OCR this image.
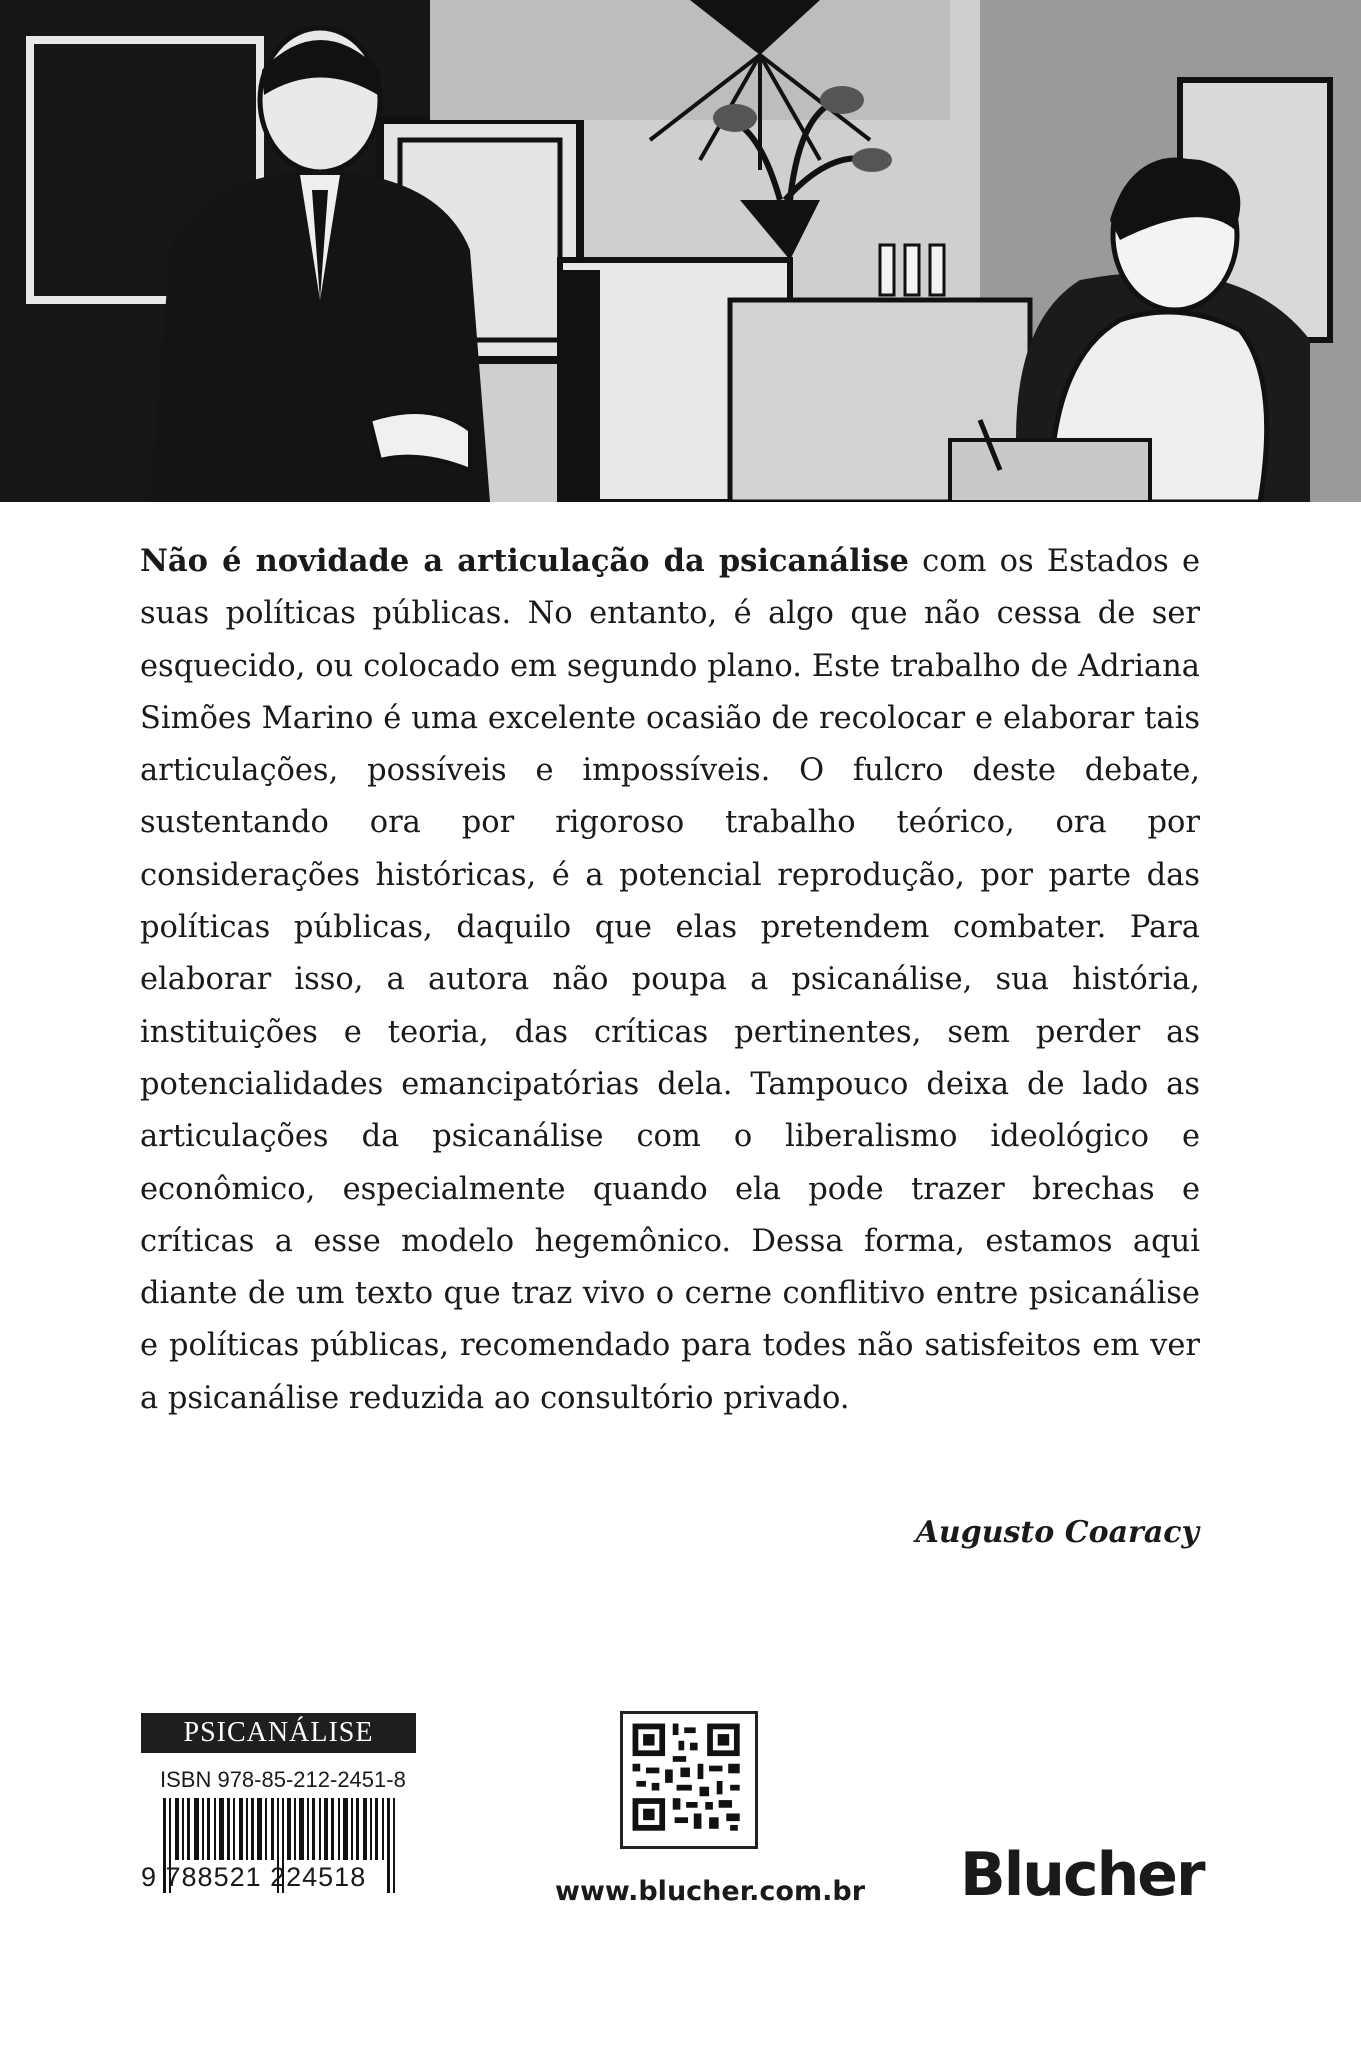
Não é novidade a articulação da psicanálise com os Estados e suas políticas públicas. No entanto, é algo que não cessa de ser esquecido, ou colocado em segundo plano. Este trabalho de Adriana Simões Marino é uma excelente ocasião de recolocar e elaborar tais articulações, possíveis e impossíveis. O fulcro deste debate, sustentando ora por rigoroso trabalho teórico, ora por considerações históricas, é a potencial reprodução, por parte das políticas públicas, daquilo que elas pretendem combater. Para elaborar isso, a autora não poupa a psicanálise, sua história, instituições e teoria, das críticas pertinentes, sem perder as potencialidades emancipatórias dela. Tampouco deixa de lado as articulações da psicanálise com o liberalismo ideológico e econômico, especialmente quando ela pode trazer brechas e críticas a esse modelo hegemônico. Dessa forma, estamos aqui diante de um texto que traz vivo o cerne conflitivo entre psicanálise e políticas públicas, recomendado para todes não satisfeitos em ver a psicanálise reduzida ao consultório privado.

Augusto Coaracy
PSICANÁLISE
ISBN 978-85-212-2451-8
9 788521 224518	www.blucher.com.br Blucher
